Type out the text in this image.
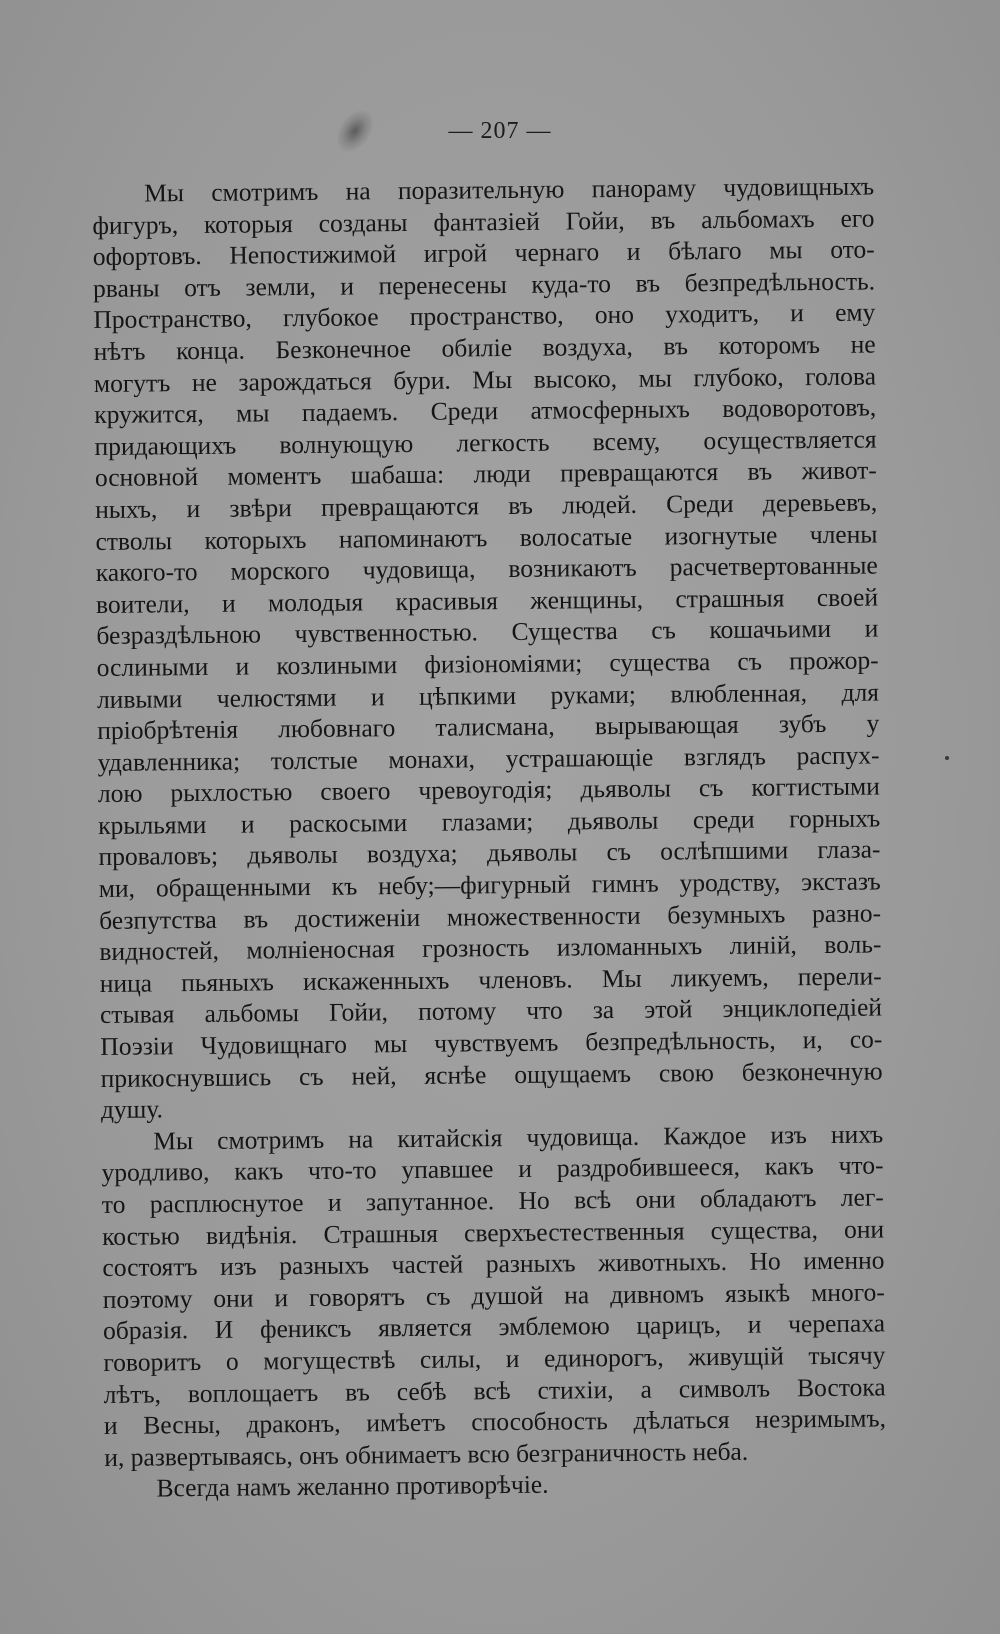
— 207 —
Мы смотримъ на поразительную панораму чудовищныхъ
фигуръ, которыя созданы фантазіей Гойи, въ альбомахъ его
офортовъ. Непостижимой игрой чернаго и бѣлаго мы ото-
рваны отъ земли, и перенесены куда-то въ безпредѣльность.
Пространство, глубокое пространство, оно уходитъ, и ему
нѣтъ конца. Безконечное обиліе воздуха, въ которомъ не
могутъ не зарождаться бури. Мы высоко, мы глубоко, голова
кружится, мы падаемъ. Среди атмосферныхъ водоворотовъ,
придающихъ волнующую легкость всему, осуществляется
основной моментъ шабаша: люди превращаются въ живот-
ныхъ, и звѣри превращаются въ людей. Среди деревьевъ,
стволы которыхъ напоминаютъ волосатые изогнутые члены
какого-то морского чудовища, возникаютъ расчетвертованные
воители, и молодыя красивыя женщины, страшныя своей
безраздѣльною чувственностью. Существа съ кошачьими и
ослиными и козлиными физіономіями; существа съ прожор-
ливыми челюстями и цѣпкими руками; влюбленная, для
пріобрѣтенія любовнаго талисмана, вырывающая зубъ у
удавленника; толстые монахи, устрашающіе взглядъ распух-
лою рыхлостью своего чревоугодія; дьяволы съ когтистыми
крыльями и раскосыми глазами; дьяволы среди горныхъ
проваловъ; дьяволы воздуха; дьяволы съ ослѣпшими глаза-
ми, обращенными къ небу;—фигурный гимнъ уродству, экстазъ
безпутства въ достиженіи множественности безумныхъ разно-
видностей, молніеносная грозность изломанныхъ линій, воль-
ница пьяныхъ искаженныхъ членовъ. Мы ликуемъ, перели-
стывая альбомы Гойи, потому что за этой энциклопедіей
Поэзіи Чудовищнаго мы чувствуемъ безпредѣльность, и, со-
прикоснувшись съ ней, яснѣе ощущаемъ свою безконечную
душу.
Мы смотримъ на китайскія чудовища. Каждое изъ нихъ
уродливо, какъ что-то упавшее и раздробившееся, какъ что-
то расплюснутое и запутанное. Но всѣ они обладаютъ лег-
костью видѣнія. Страшныя сверхъестественныя существа, они
состоятъ изъ разныхъ частей разныхъ животныхъ. Но именно
поэтому они и говорятъ съ душой на дивномъ языкѣ много-
образія. И фениксъ является эмблемою царицъ, и черепаха
говоритъ о могуществѣ силы, и единорогъ, живущій тысячу
лѣтъ, воплощаетъ въ себѣ всѣ стихіи, а символъ Востока
и Весны, драконъ, имѣетъ способность дѣлаться незримымъ,
и, развертываясь, онъ обнимаетъ всю безграничность неба.
Всегда намъ желанно противорѣчіе.
